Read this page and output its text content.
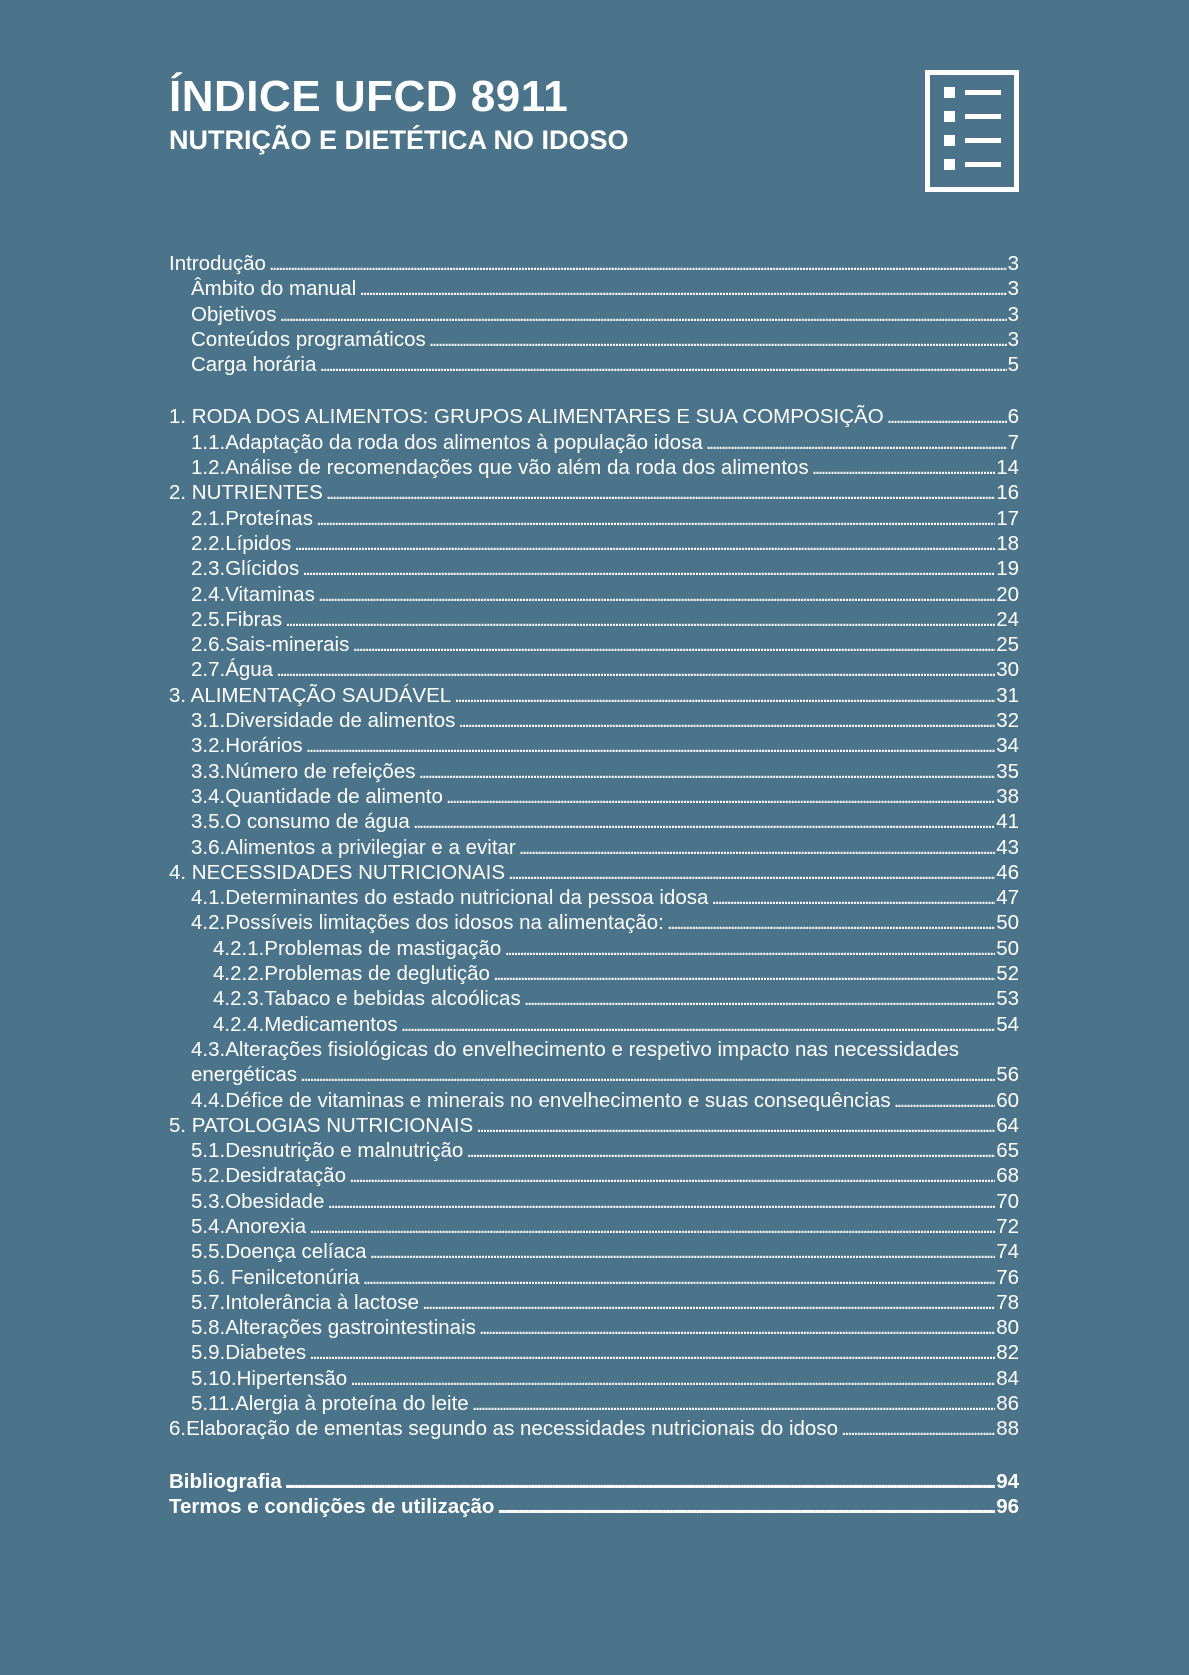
ÍNDICE UFCD 8911
NUTRIÇÃO E DIETÉTICA NO IDOSO
Introdução . . .	3
Âmbito do manual . . .	3
Objetivos . . .	3
Conteúdos programáticos . . .	3
Carga horária . . .	5
1. RODA DOS ALIMENTOS: GRUPOS ALIMENTARES E SUA COMPOSIÇÃO . . .	6
1.1.Adaptação da roda dos alimentos à população idosa . . .	7
1.2.Análise de recomendações que vão além da roda dos alimentos . . .	14
2. NUTRIENTES . . .	16
2.1.Proteínas . . .	17
2.2.Lípidos . . .	18
2.3.Glícidos . . .	19
2.4.Vitaminas . . .	20
2.5.Fibras . . .	24
2.6.Sais-minerais . . .	25
2.7.Água . . .	30
3. ALIMENTAÇÃO SAUDÁVEL . . .	31
3.1.Diversidade de alimentos . . .	32
3.2.Horários . . .	34
3.3.Número de refeições . . .	35
3.4.Quantidade de alimento . . .	38
3.5.O consumo de água . . .	41
3.6.Alimentos a privilegiar e a evitar . . .	43
4. NECESSIDADES NUTRICIONAIS . . .	46
4.1.Determinantes do estado nutricional da pessoa idosa . . .	47
4.2.Possíveis limitações dos idosos na alimentação: . . .	50
4.2.1.Problemas de mastigação . . .	50
4.2.2.Problemas de deglutição . . .	52
4.2.3.Tabaco e bebidas alcoólicas . . .	53
4.2.4.Medicamentos . . .	54
4.3.Alterações fisiológicas do envelhecimento e respetivo impacto nas necessidades
energéticas . . .	56
4.4.Défice de vitaminas e minerais no envelhecimento e suas consequências . . .	60
5. PATOLOGIAS NUTRICIONAIS . . .	64
5.1.Desnutrição e malnutrição . . .	65
5.2.Desidratação . . .	68
5.3.Obesidade . . .	70
5.4.Anorexia . . .	72
5.5.Doença celíaca . . .	74
5.6. Fenilcetonúria . . .	76
5.7.Intolerância à lactose . . .	78
5.8.Alterações gastrointestinais . . .	80
5.9.Diabetes . . .	82
5.10.Hipertensão . . .	84
5.11.Alergia à proteína do leite . . .	86
6.Elaboração de ementas segundo as necessidades nutricionais do idoso . . .	88
Bibliografia . . .	94
Termos e condições de utilização . . .	96
